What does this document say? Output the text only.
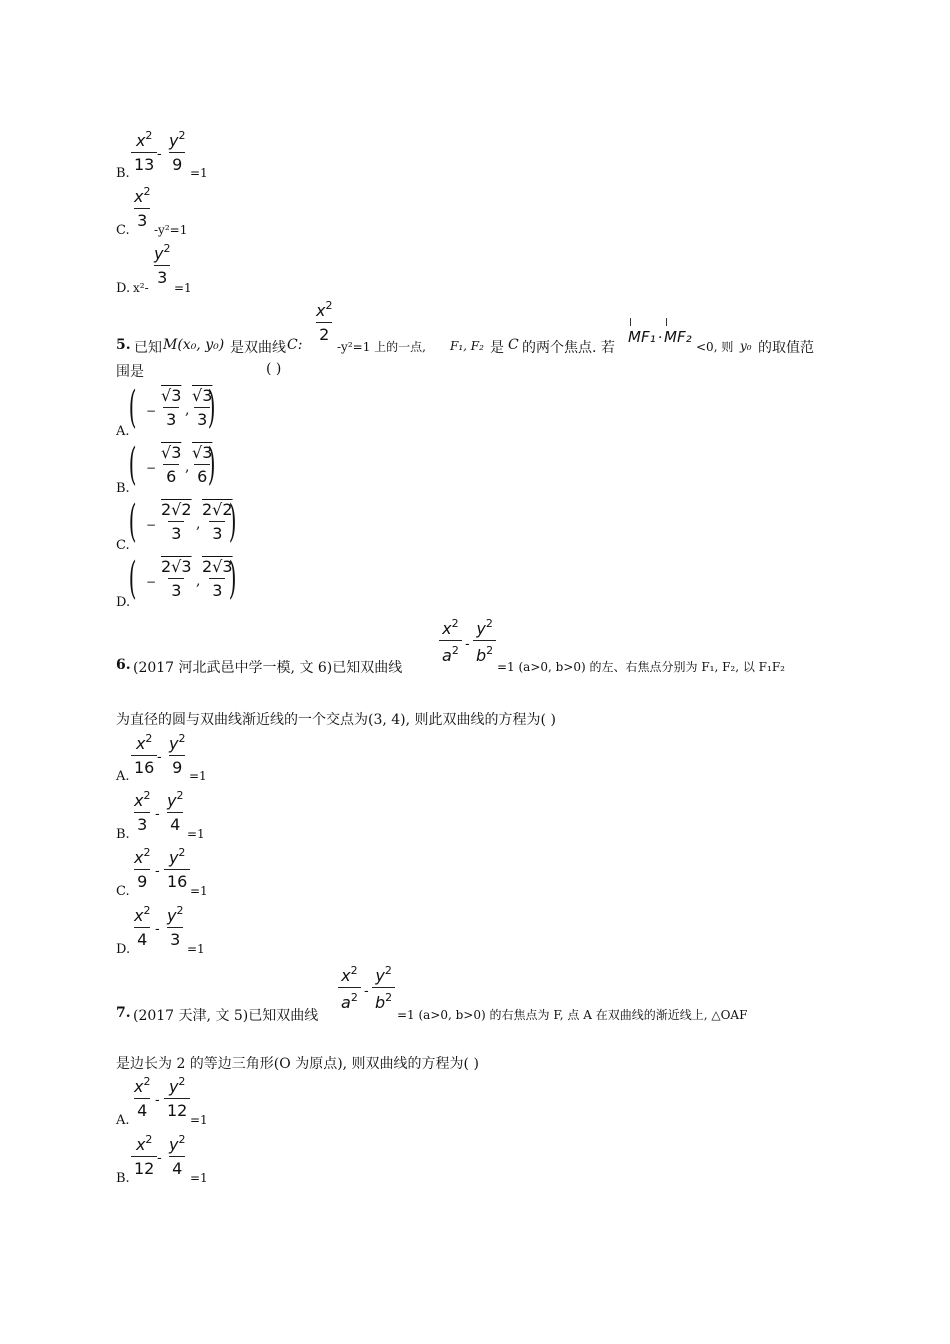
B.
$\frac{x^2}{13} - \frac{y^2}{9} =1$
C.
$\frac{x^2}{3}$
-y²=1
D. x²-
$\frac{y^2}{3}$
=1
5. 已知 M(x₀, y₀) 是双曲线 C:
$\frac{x^2}{2}$
-y²=1 上的一点, F₁, F₂ 是 C 的两个焦点. 若
MF₁ · MF₂
<0, 则 y₀ 的取值范
围是	( )
A. ( − $\frac{√3}{3}$ , $\frac{√3}{3}$
)
B. ( − $\frac{√3}{6}$ , $\frac{√3}{6}$
)
C. ( − $\frac{2√2}{3}$ ,
$\frac{2√2}{3}$
)
D.
( − $\frac{2√3}{3}$ ,
$\frac{2√3}{3}$
)
6. (2017 河北武邑中学一模, 文 6)已知双曲线
$\frac{x^2}{a^2} - \frac{y^2}{b^2}$
=1 (a>0, b>0) 的左、右焦点分别为 F₁, F₂, 以 F₁F₂
为直径的圆与双曲线渐近线的一个交点为(3, 4), 则此双曲线的方程为( )
A.
$\frac{x^2}{16} - \frac{y^2}{9} =1$
B.
$\frac{x^2}{3} - \frac{y^2}{4}$
=1
C.
$\frac{x^2}{9} - \frac{y^2}{16}$
=1
D.
$\frac{x^2}{4} - \frac{y^2}{3}$
=1
7. (2017 天津, 文 5)已知双曲线
$\frac{x^2}{a^2} - \frac{y^2}{b^2}$
=1 (a>0, b>0) 的右焦点为 F, 点 A 在双曲线的渐近线上, △OAF
是边长为 2 的等边三角形(O 为原点), 则双曲线的方程为( )
A.
$\frac{x^2}{4} - \frac{y^2}{12}$
=1
B.
$\frac{x^2}{12} - \frac{y^2}{4}$
=1
